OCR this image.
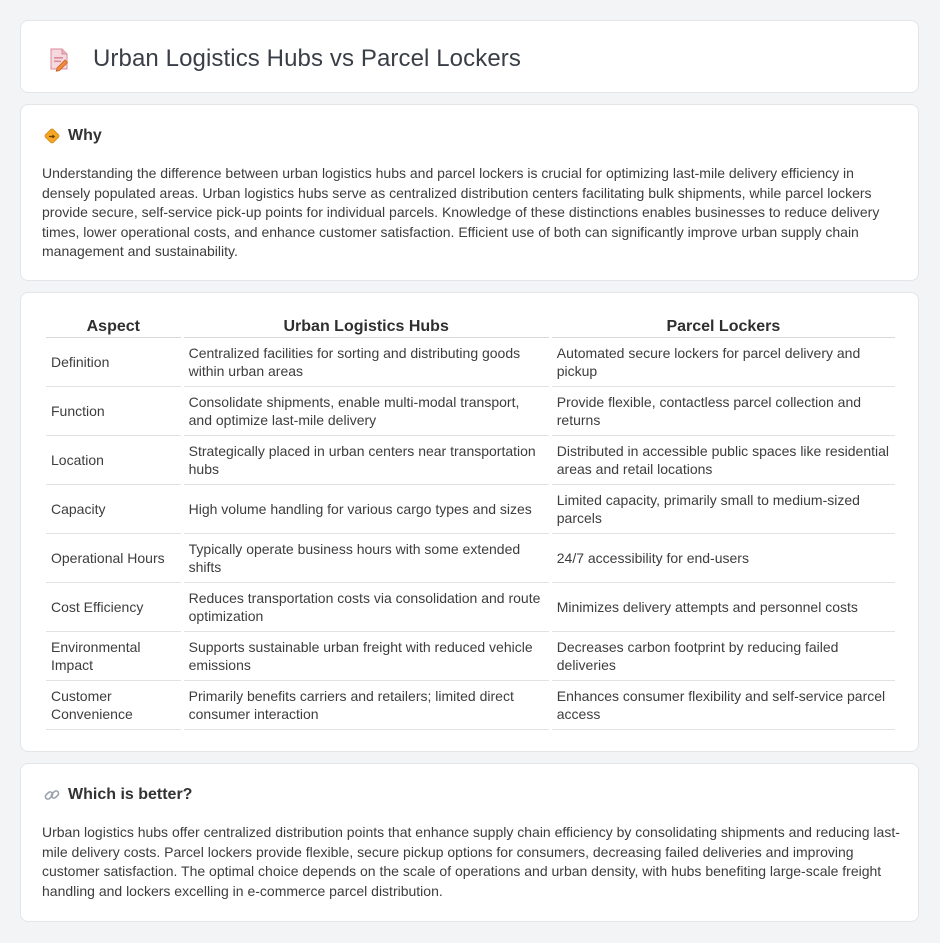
Urban Logistics Hubs vs Parcel Lockers
Why

Understanding the difference between urban logistics hubs and parcel lockers is crucial for optimizing last-mile delivery efficiency in densely populated areas. Urban logistics hubs serve as centralized distribution centers facilitating bulk shipments, while parcel lockers provide secure, self-service pick-up points for individual parcels. Knowledge of these distinctions enables businesses to reduce delivery times, lower operational costs, and enhance customer satisfaction. Efficient use of both can significantly improve urban supply chain management and sustainability.

Aspect	Urban Logistics Hubs	Parcel Lockers
Definition	Centralized facilities for sorting and distributing goods within urban areas	Automated secure lockers for parcel delivery and pickup
Function	Consolidate shipments, enable multi-modal transport, and optimize last-mile delivery	Provide flexible, contactless parcel collection and returns
Location	Strategically placed in urban centers near transportation hubs	Distributed in accessible public spaces like residential areas and retail locations
Capacity	High volume handling for various cargo types and sizes	Limited capacity, primarily small to medium-sized parcels
Operational Hours	Typically operate business hours with some extended shifts	24/7 accessibility for end-users
Cost Efficiency	Reduces transportation costs via consolidation and route optimization	Minimizes delivery attempts and personnel costs
Environmental Impact	Supports sustainable urban freight with reduced vehicle emissions	Decreases carbon footprint by reducing failed deliveries
Customer Convenience	Primarily benefits carriers and retailers; limited direct consumer interaction	Enhances consumer flexibility and self-service parcel access
Which is better?

Urban logistics hubs offer centralized distribution points that enhance supply chain efficiency by consolidating shipments and reducing last-mile delivery costs. Parcel lockers provide flexible, secure pickup options for consumers, decreasing failed deliveries and improving customer satisfaction. The optimal choice depends on the scale of operations and urban density, with hubs benefiting large-scale freight handling and lockers excelling in e-commerce parcel distribution.
